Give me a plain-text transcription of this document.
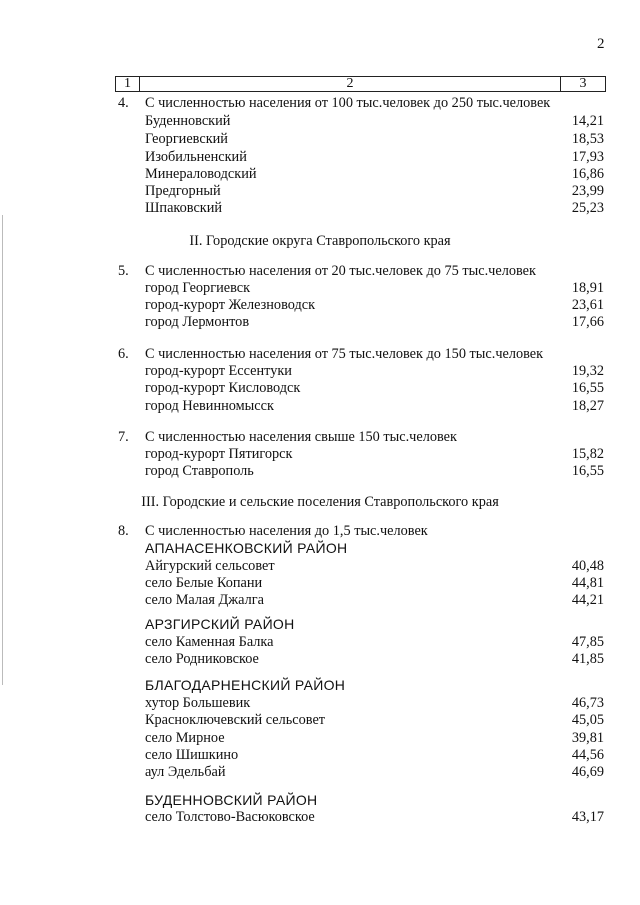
2
1	2	3
4.	С численностью населения от 100 тыс.человек до 250 тыс.человек
Буденновский	14,21
Георгиевский	18,53
Изобильненский	17,93
Минераловодский	16,86
Предгорный	23,99
Шпаковский	25,23
II. Городские округа Ставропольского края
5.	С численностью населения от 20 тыс.человек до 75 тыс.человек
город Георгиевск	18,91
город-курорт Железноводск	23,61
город Лермонтов	17,66
6.	С численностью населения от 75 тыс.человек до 150 тыс.человек
город-курорт Ессентуки	19,32
город-курорт Кисловодск	16,55
город Невинномысск	18,27
7.	С численностью населения свыше 150 тыс.человек
город-курорт Пятигорск	15,82
город Ставрополь	16,55
III. Городские и сельские поселения Ставропольского края
8.	С численностью населения до 1,5 тыс.человек
АПАНАСЕНКОВСКИЙ РАЙОН
Айгурский сельсовет	40,48
село Белые Копани	44,81
село Малая Джалга	44,21
АРЗГИРСКИЙ РАЙОН
село Каменная Балка	47,85
село Родниковское	41,85
БЛАГОДАРНЕНСКИЙ РАЙОН
хутор Большевик	46,73
Красноключевский сельсовет	45,05
село Мирное	39,81
село Шишкино	44,56
аул Эдельбай	46,69
БУДЕННОВСКИЙ РАЙОН
село Толстово-Васюковское	43,17
